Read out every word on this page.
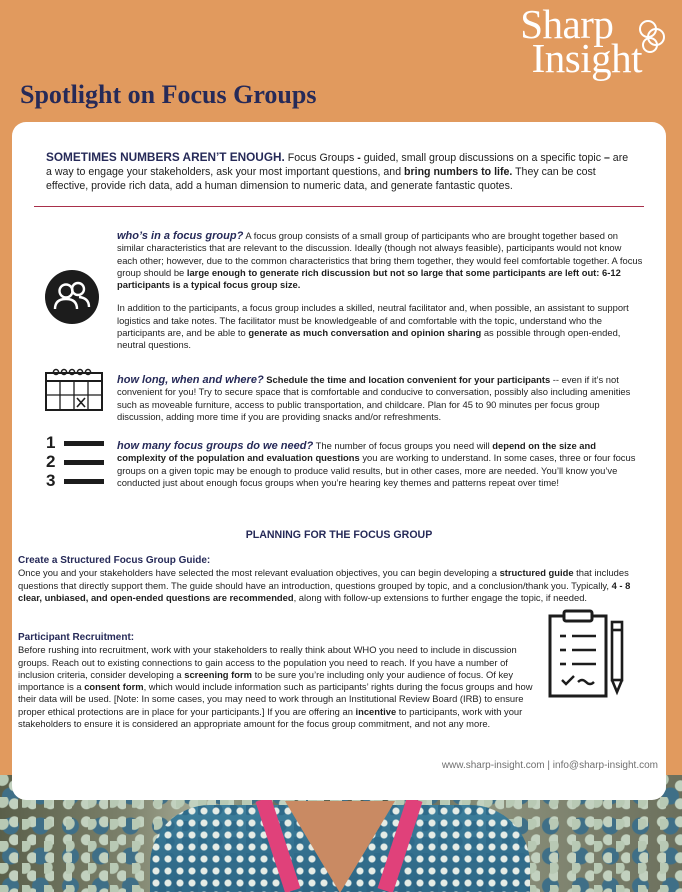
Sharp
Insight
Spotlight on Focus Groups

SOMETIMES NUMBERS AREN’T ENOUGH. Focus Groups - guided, small group discussions on a specific topic – are a way to engage your stakeholders, ask your most important questions, and bring numbers to life. They can be cost effective, provide rich data, add a human dimension to numeric data, and generate fantastic quotes.

who’s in a focus group? A focus group consists of a small group of participants who are brought together based on similar characteristics that are relevant to the discussion. Ideally (though not always feasible), participants would not know each other; however, due to the common characteristics that bring them together, they would feel comfortable together. A focus group should be large enough to generate rich discussion but not so large that some participants are left out: 6-12 participants is a typical focus group size.

In addition to the participants, a focus group includes a skilled, neutral facilitator and, when possible, an assistant to support logistics and take notes. The facilitator must be knowledgeable of and comfortable with the topic, understand who the participants are, and be able to generate as much conversation and opinion sharing as possible through open-ended, neutral questions.

how long, when and where? Schedule the time and location convenient for your participants -- even if it’s not convenient for you! Try to secure space that is comfortable and conducive to conversation, possibly also including amenities such as moveable furniture, access to public transportation, and childcare. Plan for 45 to 90 minutes per focus group discussion, adding more time if you are providing snacks and/or refreshments.

1
2
3

how many focus groups do we need? The number of focus groups you need will depend on the size and complexity of the population and evaluation questions you are working to understand. In some cases, three or four focus groups on a given topic may be enough to produce valid results, but in other cases, more are needed. You’ll know you’ve conducted just about enough focus groups when you’re hearing key themes and patterns repeat over time!

PLANNING FOR THE FOCUS GROUP

Create a Structured Focus Group Guide:
Once you and your stakeholders have selected the most relevant evaluation objectives, you can begin developing a structured guide that includes questions that directly support them. The guide should have an introduction, questions grouped by topic, and a conclusion/thank you. Typically, 4 - 8 clear, unbiased, and open-ended questions are recommended, along with follow-up extensions to further engage the topic, if needed.

Participant Recruitment:
Before rushing into recruitment, work with your stakeholders to really think about WHO you need to include in discussion groups. Reach out to existing connections to gain access to the population you need to reach. If you have a number of inclusion criteria, consider developing a screening form to be sure you’re including only your audience of focus. Of key importance is a consent form, which would include information such as participants’ rights during the focus groups and how their data will be used. [Note: In some cases, you may need to work through an Institutional Review Board (IRB) to ensure proper ethical protections are in place for your participants.] If you are offering an incentive to participants, work with your stakeholders to ensure it is considered an appropriate amount for the focus group commitment, and not any more.

www.sharp-insight.com | info@sharp-insight.com
